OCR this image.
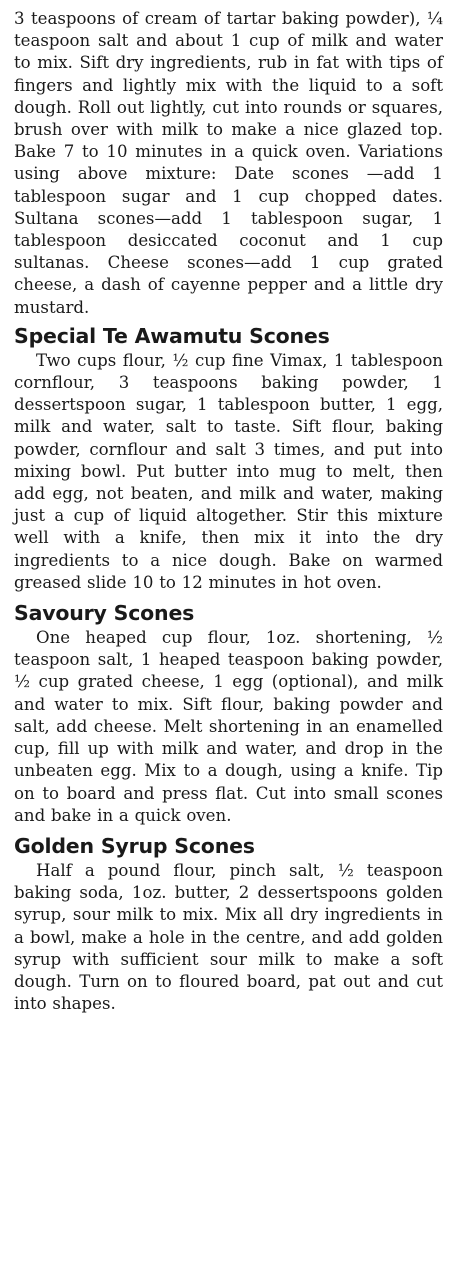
3 teaspoons of cream of tartar baking powder), ¼ teaspoon salt and about 1 cup of milk and water to mix. Sift dry ingredients, rub in fat with tips of fingers and lightly mix with the liquid to a soft dough. Roll out lightly, cut into rounds or squares, brush over with milk to make a nice glazed top. Bake 7 to 10 minutes in a quick oven. Variations using above mixture: Date scones —add 1 tablespoon sugar and 1 cup chopped dates. Sultana scones—add 1 tablespoon sugar, 1 tablespoon desiccated coconut and 1 cup sultanas. Cheese scones—add 1 cup grated cheese, a dash of cayenne pepper and a little dry mustard.

Special Te Awamutu Scones

Two cups flour, ½ cup fine Vimax, 1 tablespoon cornflour, 3 teaspoons baking powder, 1 dessertspoon sugar, 1 tablespoon butter, 1 egg, milk and water, salt to taste. Sift flour, baking powder, cornflour and salt 3 times, and put into mixing bowl. Put butter into mug to melt, then add egg, not beaten, and milk and water, making just a cup of liquid altogether. Stir this mixture well with a knife, then mix it into the dry ingredients to a nice dough. Bake on warmed greased slide 10 to 12 minutes in hot oven.

Savoury Scones

One heaped cup flour, 1oz. shortening, ½ teaspoon salt, 1 heaped teaspoon baking powder, ½ cup grated cheese, 1 egg (optional), and milk and water to mix. Sift flour, baking powder and salt, add cheese. Melt shortening in an enamelled cup, fill up with milk and water, and drop in the unbeaten egg. Mix to a dough, using a knife. Tip on to board and press flat. Cut into small scones and bake in a quick oven.

Golden Syrup Scones

Half a pound flour, pinch salt, ½ teaspoon baking soda, 1oz. butter, 2 dessertspoons golden syrup, sour milk to mix. Mix all dry ingredients in a bowl, make a hole in the centre, and add golden syrup with sufficient sour milk to make a soft dough. Turn on to floured board, pat out and cut into shapes.
